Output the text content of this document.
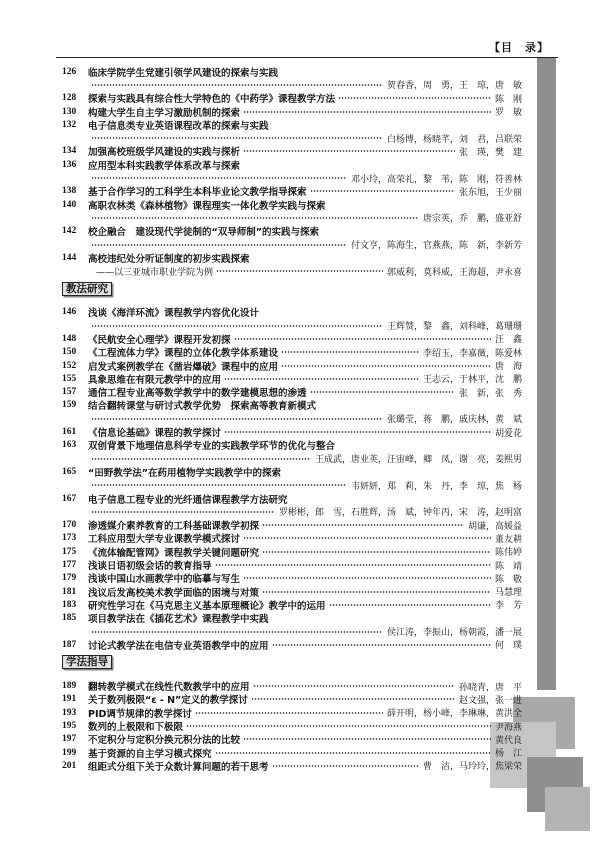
【目　录】
126	临床学院学生党建引领学风建设的探索与实践
贺春香，周　勇，王　琼，唐　敏
128	探索与实践具有综合性大学特色的《中药学》课程教学方法	陈　刚
130	构建大学生自主学习激励机制的探索	罗　敏
132	电子信息类专业英语课程改革的探索与实践
白杨博，杨晓芊，刘　君，吕联荣
134	加强高校班级学风建设的实践与探析	张　瑛，樊　建
136	应用型本科实践教学体系改革与探索
邓小玲，高荣礼，黎　苇，陈　刚，符善林
138	基于合作学习的工科学生本科毕业论文教学指导探索	张东旭，王少丽
140	高职农林类《森林植物》课程理实一体化教学实践与探索
唐宗英，乔　鹏，盛亚舒
142	校企融合　建设现代学徒制的“双导师制”的实践与探索
付文亨，陈海生，官燕燕，陈　新，李新芳
144	高校违纪处分听证制度的初步实践探索
——以三亚城市职业学院为例	郭威利，莫科威，王海超，尹永喜
教法研究
146	浅谈《海洋环流》课程教学内容优化设计
王辉赞，黎　鑫，刘科峰，葛珊珊
148	《民航安全心理学》课程开发初探	汪　鑫
150	《工程流体力学》课程的立体化教学体系建设	李绍玉，李嘉薇，陈爱林
152	启发式案例教学在《凿岩爆破》课程中的应用	唐　海
155	具象思维在有限元教学中的应用	王志云，于林平，沈　鹏
157	通信工程专业高等数学教学中的数学建模思想的渗透	张　新，张　秀
159	结合翻转课堂与研讨式教学优势　探索高等教育新模式
张璐莹，蒋　鹏，戚庆林，黄　斌
161	《信息论基础》课程的教学探讨	胡爱花
163	双创背景下地理信息科学专业的实践教学环节的优化与整合
王成武，唐业英，汪宙峰，卿　凤，谢　亮，姜熙男
165	“田野教学法”在药用植物学实践教学中的探索
韦妍妍，郑　莉，朱　丹，李　琼，焦　杨
167	电子信息工程专业的光纤通信课程教学方法研究
罗彬彬，郎　雪，石胜辉，汤　斌，钟年丙，宋　涛，赵明富
170	渗透媒介素养教育的工科基础课教学初探	胡谦，高媛益
173	工科应用型大学专业课教学模式探讨	董友耕
175	《流体输配管网》课程教学关键问题研究	陈伟婷
177	浅谈日语初级会话的教育指导	陈　靖
179	浅谈中国山水画教学中的临摹与写生	陈　敬
181	浅议后发高校美术教学面临的困境与对策	马慧理
183	研究性学习在《马克思主义基本原理概论》教学中的运用	李　芳
185	项目教学法在《插花艺术》课程教学中实践
侯江涛，李振山，杨朝霞，潘一展
187	讨论式教学法在电信专业英语教学中的应用	何　璞
学法指导
189	翻转教学模式在线性代数教学中的应用	孙晓青，唐　平
191	关于数列极限“ε - N”定义的教学探讨	赵文强，张一进
193	PID调节规律的教学探讨	薛开明，杨小峰，李琳琳，黄洪全
195	数列的上极限和下极限	尹海燕
197	不定积分与定积分换元积分法的比较	黄代良
199	基于资源的自主学习模式探究	杨　江
201	组距式分组下关于众数计算问题的若干思考	曹　洁，马玲玲，焦梁荣
